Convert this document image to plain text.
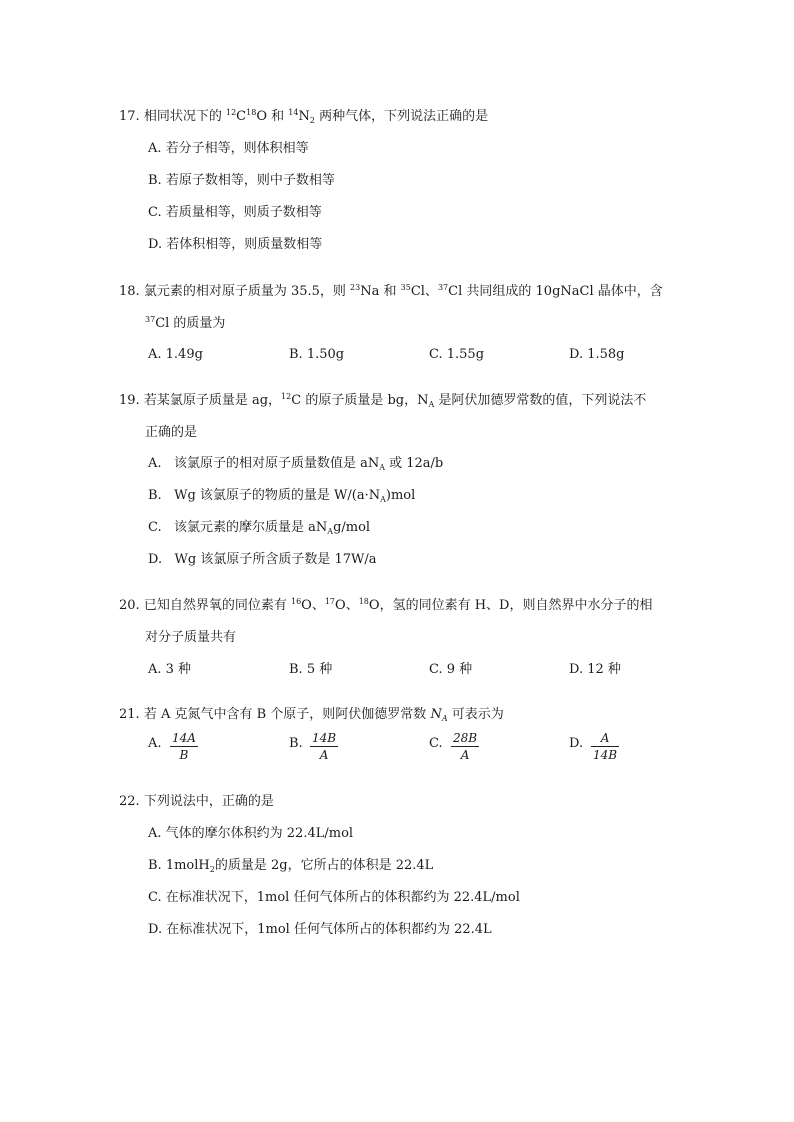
17. 相同状况下的 $^{12}C^{18}O$ 和 $^{14}N_2$ 两种气体，下列说法正确的是
A. 若分子相等，则体积相等
B. 若原子数相等，则中子数相等
C. 若质量相等，则质子数相等
D. 若体积相等，则质量数相等
18. 氯元素的相对原子质量为 35.5，则 $^{23}$Na 和 $^{35}$Cl、$^{37}$Cl 共同组成的 10gNaCl 晶体中，含
$^{37}$Cl 的质量为
A. 1.49g	B. 1.50g	C. 1.55g	D. 1.58g
19. 若某氯原子质量是 ag，$^{12}$C 的原子质量是 bg，$N_A$ 是阿伏加德罗常数的值，下列说法不
正确的是
A. 该氯原子的相对原子质量数值是 $aN_A$ 或 12a/b
B. Wg 该氯原子的物质的量是 $W/(a\cdot N_A)mol$
C. 该氯元素的摩尔质量是 $aN_Ag$/mol
D. Wg 该氯原子所含质子数是 17W/a
20. 已知自然界氧的同位素有 $^{16}$O、$^{17}$O、$^{18}$O，氢的同位素有 H、D，则自然界中水分子的相
对分子质量共有
A. 3 种	B. 5 种	C. 9 种	D. 12 种
21. 若 A 克氮气中含有 B 个原子，则阿伏伽德罗常数 $N_A$ 可表示为
A. $\frac{14A}{B}$	B. $\frac{14B}{A}$	C. $\frac{28B}{A}$	D. $\frac{A}{14B}$
22. 下列说法中，正确的是
A. 气体的摩尔体积约为 22.4L/mol
B. 1molH$_2$的质量是 2g，它所占的体积是 22.4L
C. 在标准状况下，1mol 任何气体所占的体积都约为 22.4L/mol
D. 在标准状况下，1mol 任何气体所占的体积都约为 22.4L
